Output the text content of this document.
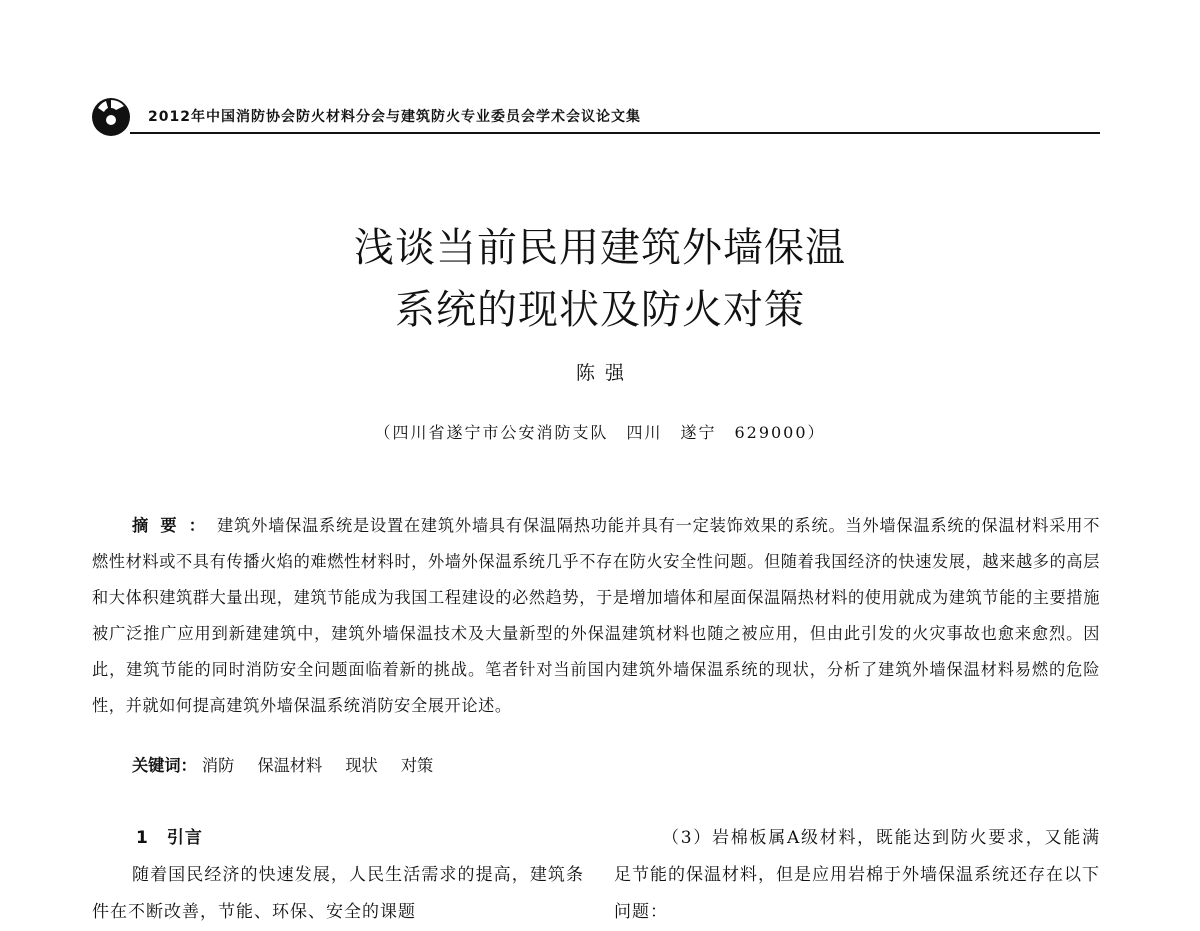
2012年中国消防协会防火材料分会与建筑防火专业委员会学术会议论文集
浅谈当前民用建筑外墙保温
系统的现状及防火对策
陈强
（四川省遂宁市公安消防支队　四川　遂宁　629000）

摘要：建筑外墙保温系统是设置在建筑外墙具有保温隔热功能并具有一定装饰效果的系统。当外墙保温系统的保温材料采用不燃性材料或不具有传播火焰的难燃性材料时，外墙外保温系统几乎不存在防火安全性问题。但随着我国经济的快速发展，越来越多的高层和大体积建筑群大量出现，建筑节能成为我国工程建设的必然趋势，于是增加墙体和屋面保温隔热材料的使用就成为建筑节能的主要措施被广泛推广应用到新建建筑中，建筑外墙保温技术及大量新型的外保温建筑材料也随之被应用，但由此引发的火灾事故也愈来愈烈。因此，建筑节能的同时消防安全问题面临着新的挑战。笔者针对当前国内建筑外墙保温系统的现状，分析了建筑外墙保温材料易燃的危险性，并就如何提高建筑外墙保温系统消防安全展开论述。

关键词： 消防 保温材料 现状 对策
1 引言

随着国民经济的快速发展，人民生活需求的提高，建筑条件在不断改善，节能、环保、安全的课题

（3）岩棉板属A级材料，既能达到防火要求，又能满足节能的保温材料，但是应用岩棉于外墙保温系统还存在以下问题：
